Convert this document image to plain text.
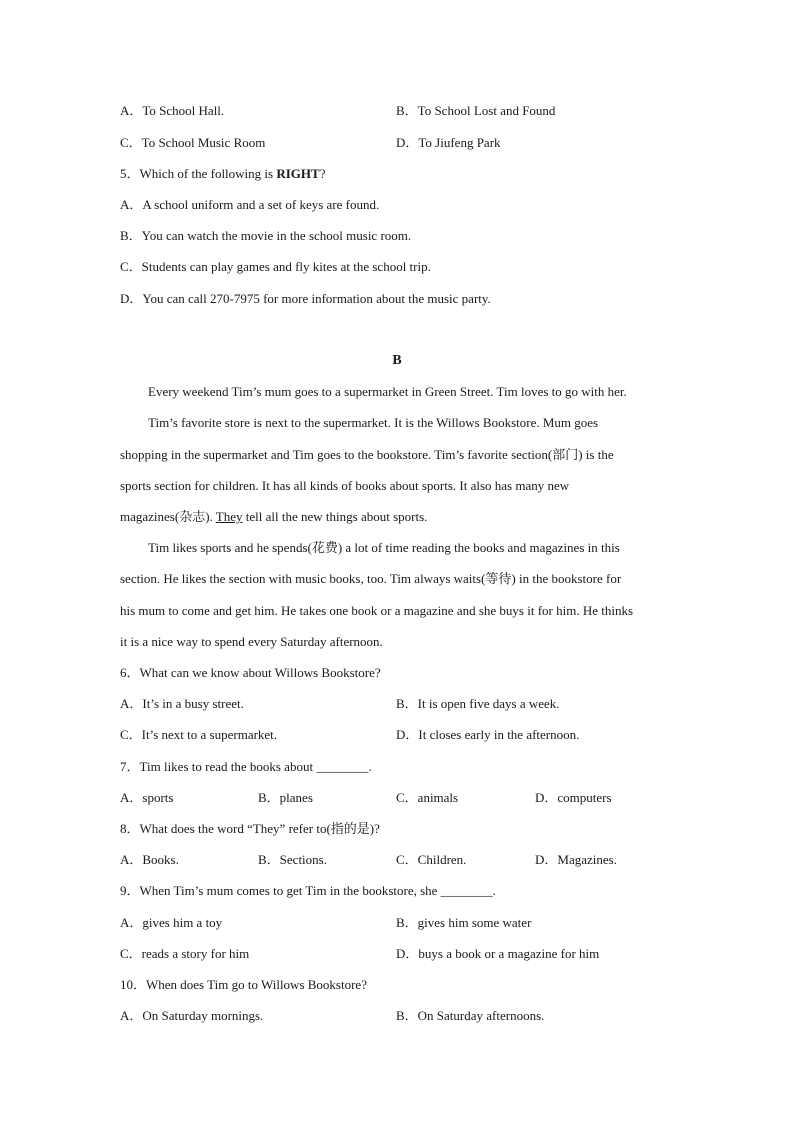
A．To School Hall.	B．To School Lost and Found
C．To School Music Room	D．To Jiufeng Park
5．Which of the following is RIGHT?
A．A school uniform and a set of keys are found.
B．You can watch the movie in the school music room.
C．Students can play games and fly kites at the school trip.
D．You can call 270-7975 for more information about the music party.
B
Every weekend Tim’s mum goes to a supermarket in Green Street. Tim loves to go with her.
Tim’s favorite store is next to the supermarket. It is the Willows Bookstore. Mum goes
shopping in the supermarket and Tim goes to the bookstore. Tim’s favorite section(部门) is the
sports section for children. It has all kinds of books about sports. It also has many new
magazines(杂志). They tell all the new things about sports.
Tim likes sports and he spends(花费) a lot of time reading the books and magazines in this
section. He likes the section with music books, too. Tim always waits(等待) in the bookstore for
his mum to come and get him. He takes one book or a magazine and she buys it for him. He thinks
it is a nice way to spend every Saturday afternoon.
6．What can we know about Willows Bookstore?
A．It’s in a busy street.	B．It is open five days a week.
C．It’s next to a supermarket.	D．It closes early in the afternoon.
7．Tim likes to read the books about ________.
A．sports	B．planes	C．animals	D．computers
8．What does the word “They” refer to(指的是)?
A．Books.	B．Sections.	C．Children.	D．Magazines.
9．When Tim’s mum comes to get Tim in the bookstore, she ________.
A．gives him a toy	B．gives him some water
C．reads a story for him	D．buys a book or a magazine for him
10．When does Tim go to Willows Bookstore?
A．On Saturday mornings.	B．On Saturday afternoons.
